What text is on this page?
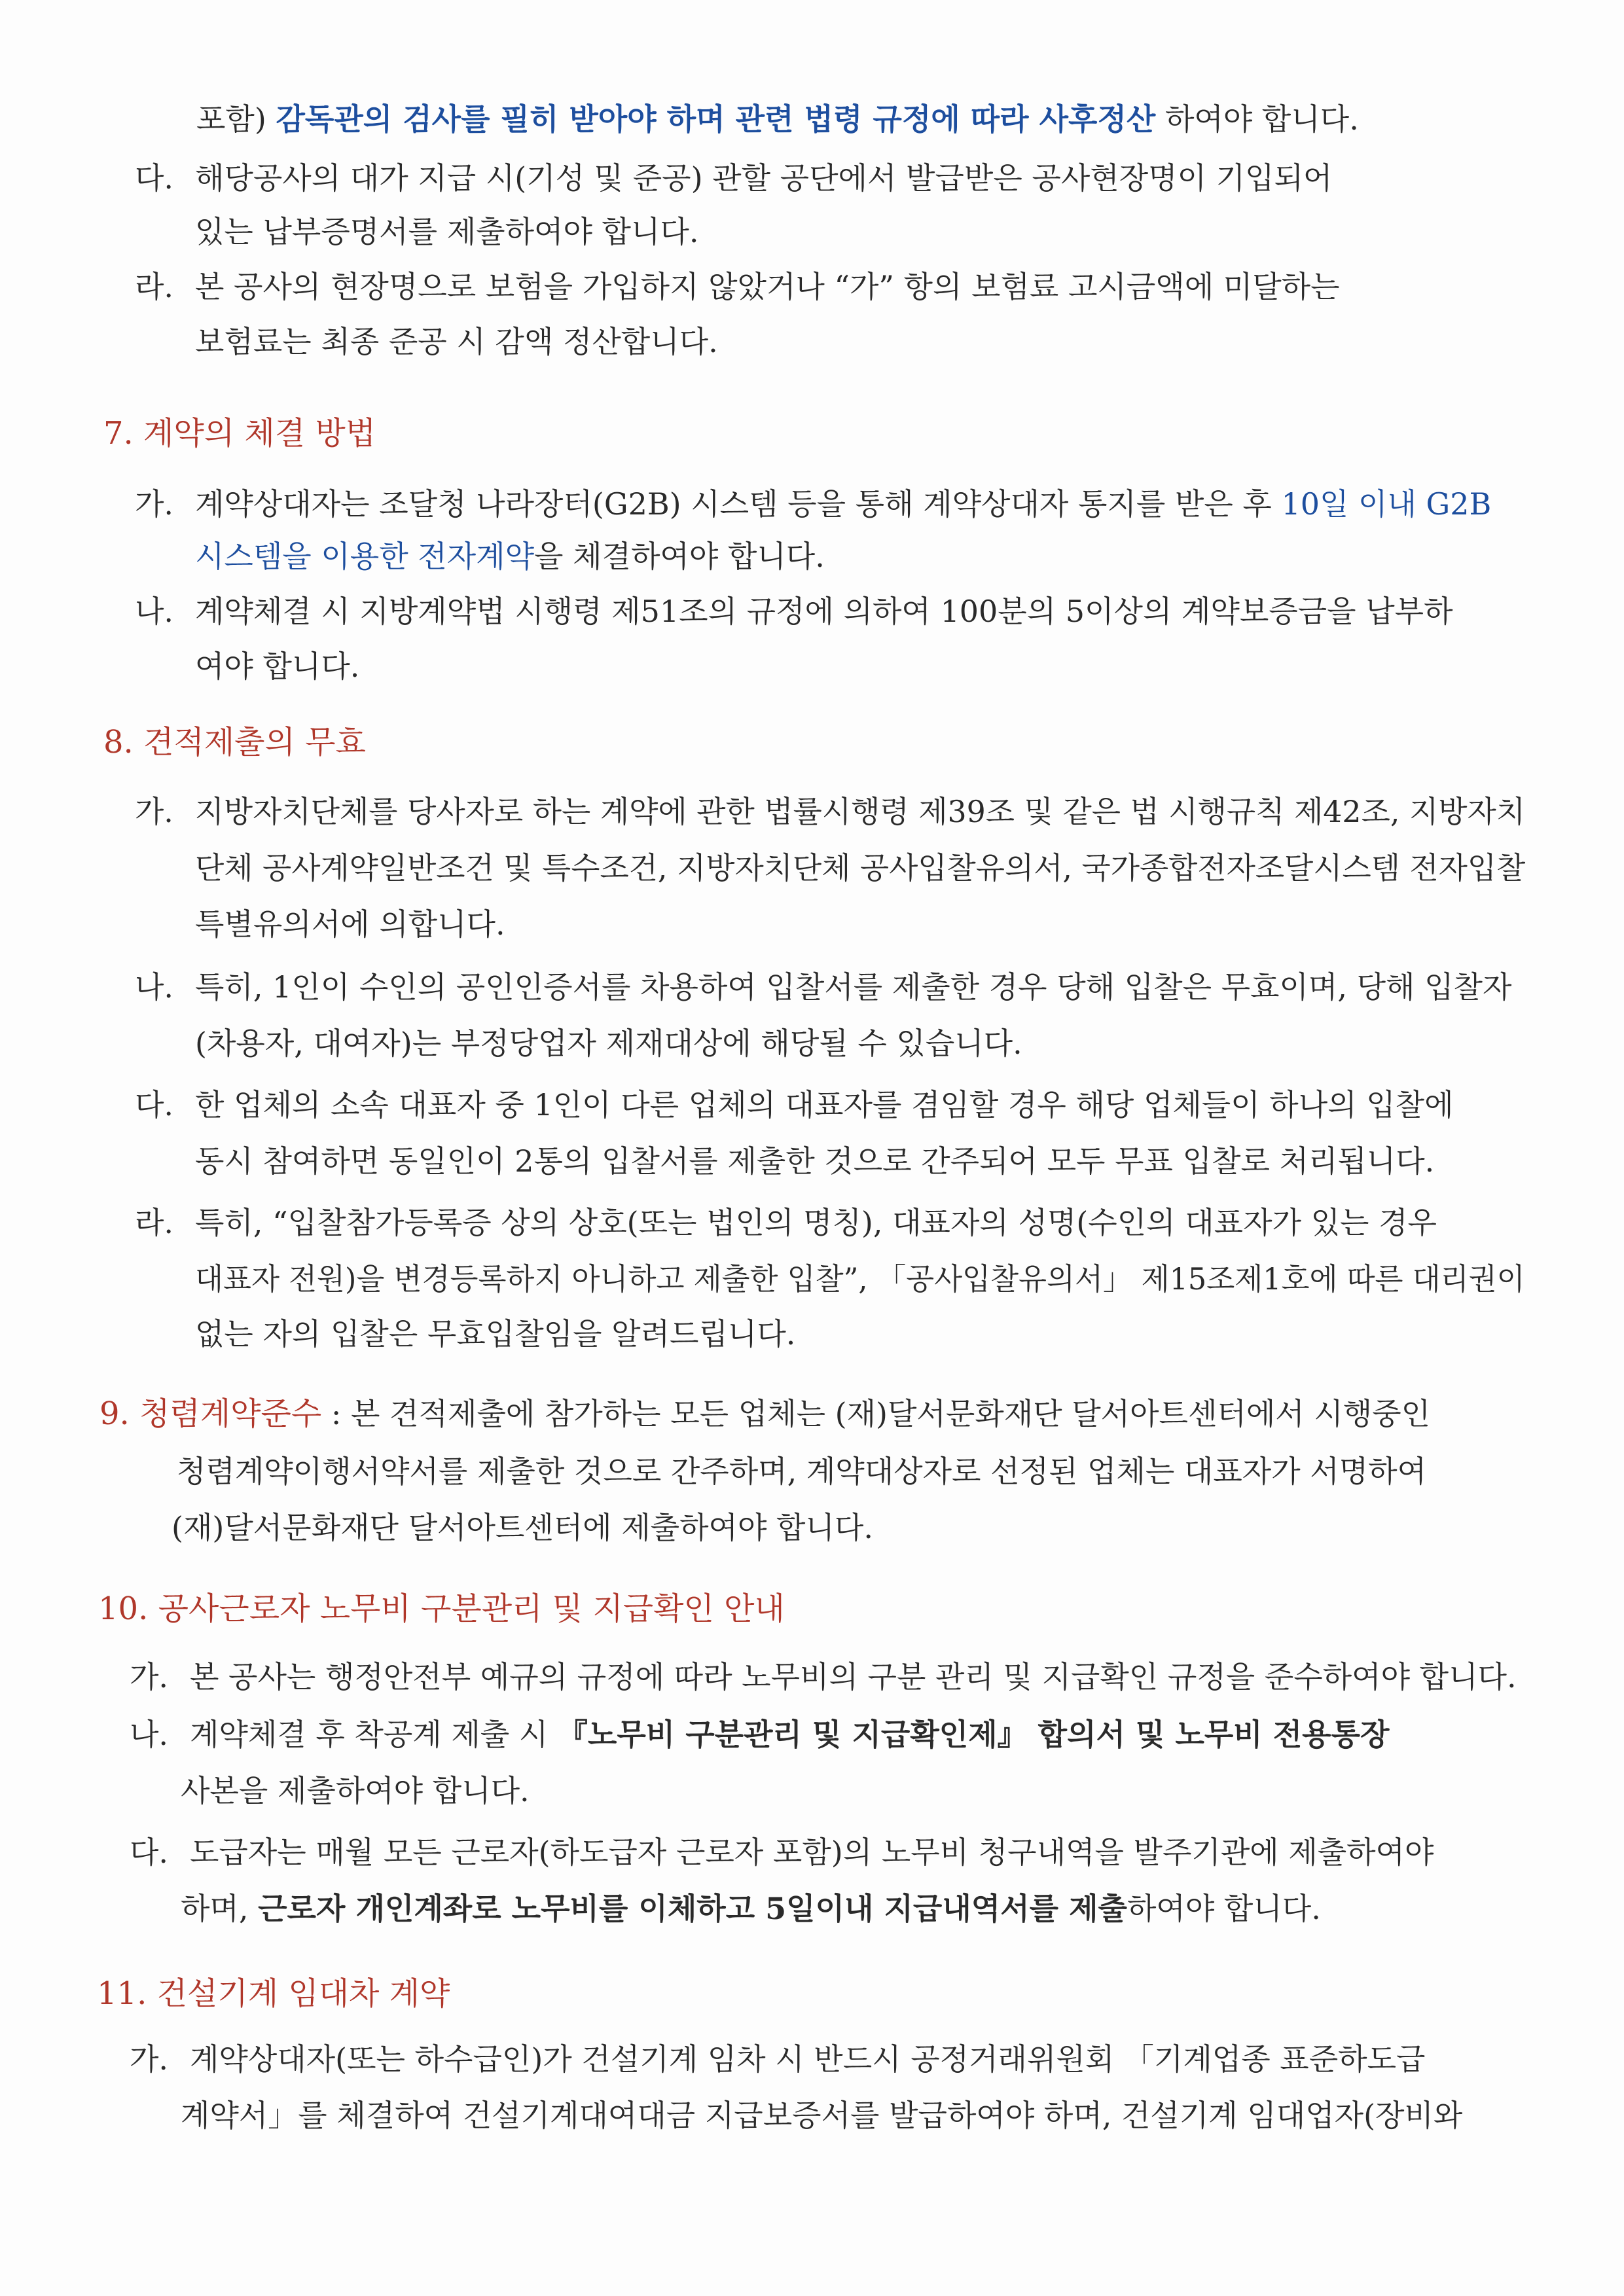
포함) 감독관의 검사를 필히 받아야 하며 관련 법령 규정에 따라 사후정산 하여야 합니다.
다. 해당공사의 대가 지급 시(기성 및 준공) 관할 공단에서 발급받은 공사현장명이 기입되어
있는 납부증명서를 제출하여야 합니다.
라. 본 공사의 현장명으로 보험을 가입하지 않았거나 “가” 항의 보험료 고시금액에 미달하는
보험료는 최종 준공 시 감액 정산합니다.
7. 계약의 체결 방법
가. 계약상대자는 조달청 나라장터(G2B) 시스템 등을 통해 계약상대자 통지를 받은 후 10일 이내 G2B
시스템을 이용한 전자계약을 체결하여야 합니다.
나. 계약체결 시 지방계약법 시행령 제51조의 규정에 의하여 100분의 5이상의 계약보증금을 납부하
여야 합니다.
8. 견적제출의 무효
가. 지방자치단체를 당사자로 하는 계약에 관한 법률시행령 제39조 및 같은 법 시행규칙 제42조, 지방자치
단체 공사계약일반조건 및 특수조건, 지방자치단체 공사입찰유의서, 국가종합전자조달시스템 전자입찰
특별유의서에 의합니다.
나. 특히, 1인이 수인의 공인인증서를 차용하여 입찰서를 제출한 경우 당해 입찰은 무효이며, 당해 입찰자
(차용자, 대여자)는 부정당업자 제재대상에 해당될 수 있습니다.
다. 한 업체의 소속 대표자 중 1인이 다른 업체의 대표자를 겸임할 경우 해당 업체들이 하나의 입찰에
동시 참여하면 동일인이 2통의 입찰서를 제출한 것으로 간주되어 모두 무표 입찰로 처리됩니다.
라. 특히, “입찰참가등록증 상의 상호(또는 법인의 명칭), 대표자의 성명(수인의 대표자가 있는 경우
대표자 전원)을 변경등록하지 아니하고 제출한 입찰”, 「공사입찰유의서」 제15조제1호에 따른 대리권이
없는 자의 입찰은 무효입찰임을 알려드립니다.
9. 청렴계약준수 : 본 견적제출에 참가하는 모든 업체는 (재)달서문화재단 달서아트센터에서 시행중인
청렴계약이행서약서를 제출한 것으로 간주하며, 계약대상자로 선정된 업체는 대표자가 서명하여
(재)달서문화재단 달서아트센터에 제출하여야 합니다.
10. 공사근로자 노무비 구분관리 및 지급확인 안내
가. 본 공사는 행정안전부 예규의 규정에 따라 노무비의 구분 관리 및 지급확인 규정을 준수하여야 합니다.
나. 계약체결 후 착공계 제출 시 『노무비 구분관리 및 지급확인제』 합의서 및 노무비 전용통장
사본을 제출하여야 합니다.
다. 도급자는 매월 모든 근로자(하도급자 근로자 포함)의 노무비 청구내역을 발주기관에 제출하여야
하며, 근로자 개인계좌로 노무비를 이체하고 5일이내 지급내역서를 제출하여야 합니다.
11. 건설기계 임대차 계약
가. 계약상대자(또는 하수급인)가 건설기계 임차 시 반드시 공정거래위원회 「기계업종 표준하도급
계약서」를 체결하여 건설기계대여대금 지급보증서를 발급하여야 하며, 건설기계 임대업자(장비와
